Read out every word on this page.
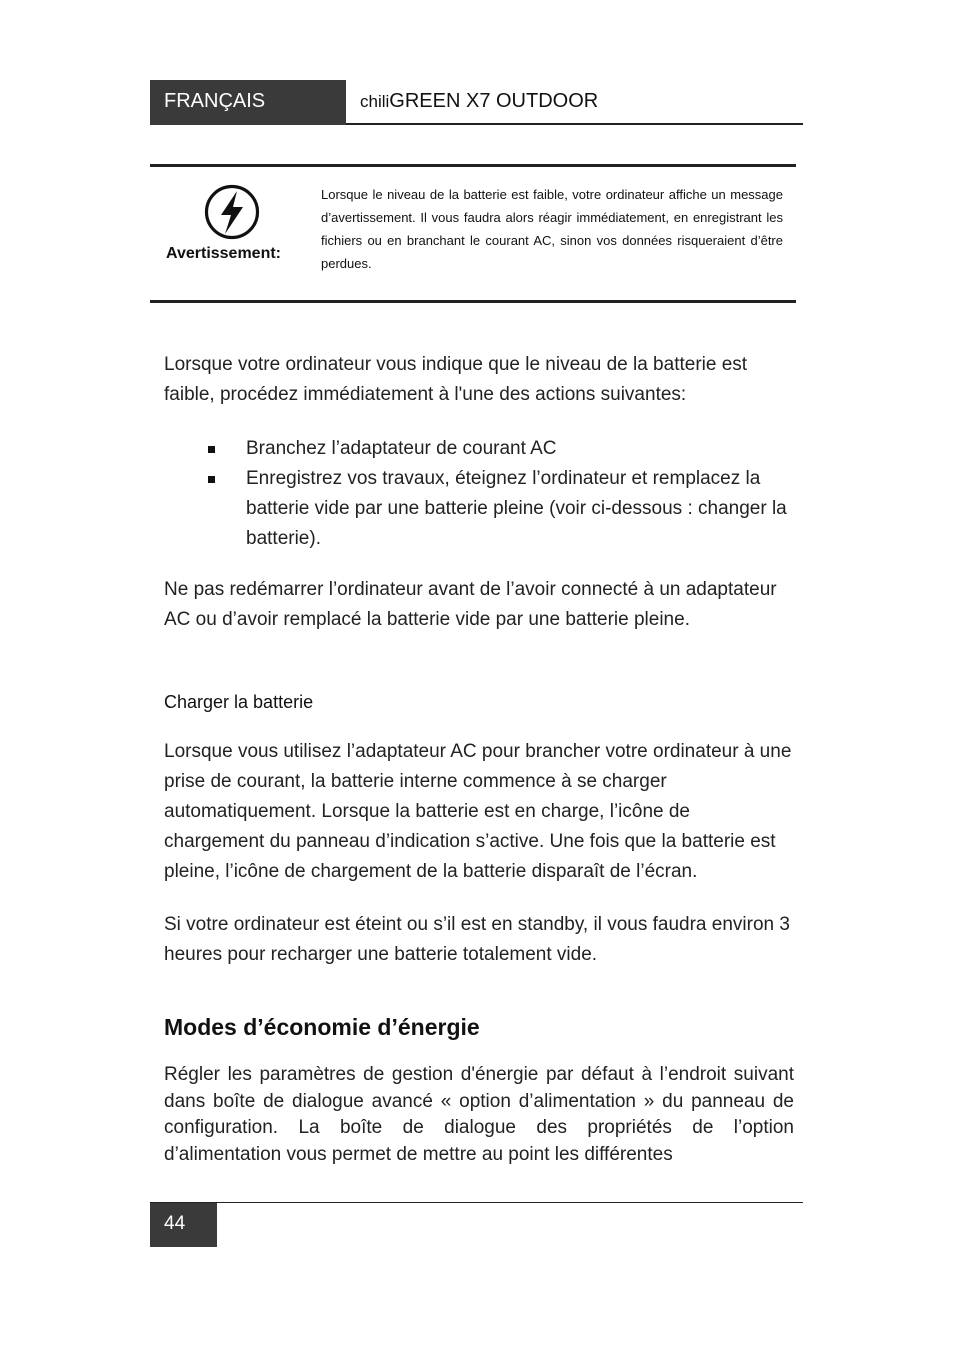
FRANÇAIS	chiliGREEN X7 OUTDOOR
Avertissement:

Lorsque le niveau de la batterie est faible, votre ordinateur affiche un message d’avertissement. Il vous faudra alors réagir immédiatement, en enregistrant les fichiers ou en branchant le courant AC, sinon vos données risqueraient d’être perdues.

Lorsque votre ordinateur vous indique que le niveau de la batterie est faible, procédez immédiatement à l'une des actions suivantes:

Branchez l’adaptateur de courant AC
Enregistrez vos travaux, éteignez l’ordinateur et remplacez la batterie vide par une batterie pleine (voir ci-dessous : changer la batterie).

Ne pas redémarrer l’ordinateur avant de l’avoir connecté à un adaptateur AC ou d’avoir remplacé la batterie vide par une batterie pleine.

Charger la batterie

Lorsque vous utilisez l’adaptateur AC pour brancher votre ordinateur à une prise de courant, la batterie interne commence à se charger automatiquement. Lorsque la batterie est en charge, l’icône de chargement du panneau d’indication s’active. Une fois que la batterie est pleine, l’icône de chargement de la batterie disparaît de l’écran.

Si votre ordinateur est éteint ou s’il est en standby, il vous faudra environ 3 heures pour recharger une batterie totalement vide.

Modes d’économie d’énergie

Régler les paramètres de gestion d'énergie par défaut à l’endroit suivant dans boîte de dialogue avancé « option d’alimentation » du panneau de configuration. La boîte de dialogue des propriétés de l’option d’alimentation vous permet de mettre au point les différentes

44
